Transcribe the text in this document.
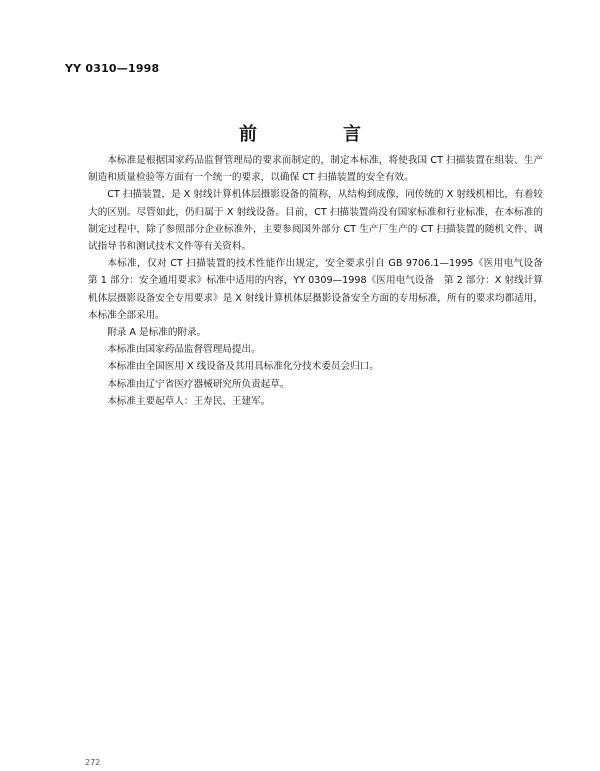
YY 0310—1998
前　言

本标准是根据国家药品监督管理局的要求而制定的，制定本标准，将使我国 CT 扫描装置在组装、生产制造和质量检验等方面有一个统一的要求，以确保 CT 扫描装置的安全有效。

CT 扫描装置，是 X 射线计算机体层摄影设备的简称，从结构到成像，同传统的 X 射线机相比，有着较大的区别。尽管如此，仍归属于 X 射线设备。目前，CT 扫描装置尚没有国家标准和行业标准，在本标准的制定过程中，除了参照部分企业标准外，主要参阅国外部分 CT 生产厂生产的 CT 扫描装置的随机文件、调试指导书和测试技术文件等有关资料。

本标准，仅对 CT 扫描装置的技术性能作出规定，安全要求引自 GB 9706.1—1995《医用电气设备　第 1 部分：安全通用要求》标准中适用的内容，YY 0309—1998《医用电气设备　第 2 部分：X 射线计算机体层摄影设备安全专用要求》是 X 射线计算机体层摄影设备安全方面的专用标准，所有的要求均都适用，本标准全部采用。

附录 A 是标准的附录。

本标准由国家药品监督管理局提出。

本标准由全国医用 X 线设备及其用具标准化分技术委员会归口。

本标准由辽宁省医疗器械研究所负责起草。

本标准主要起草人：王寿民、王建军。

272
